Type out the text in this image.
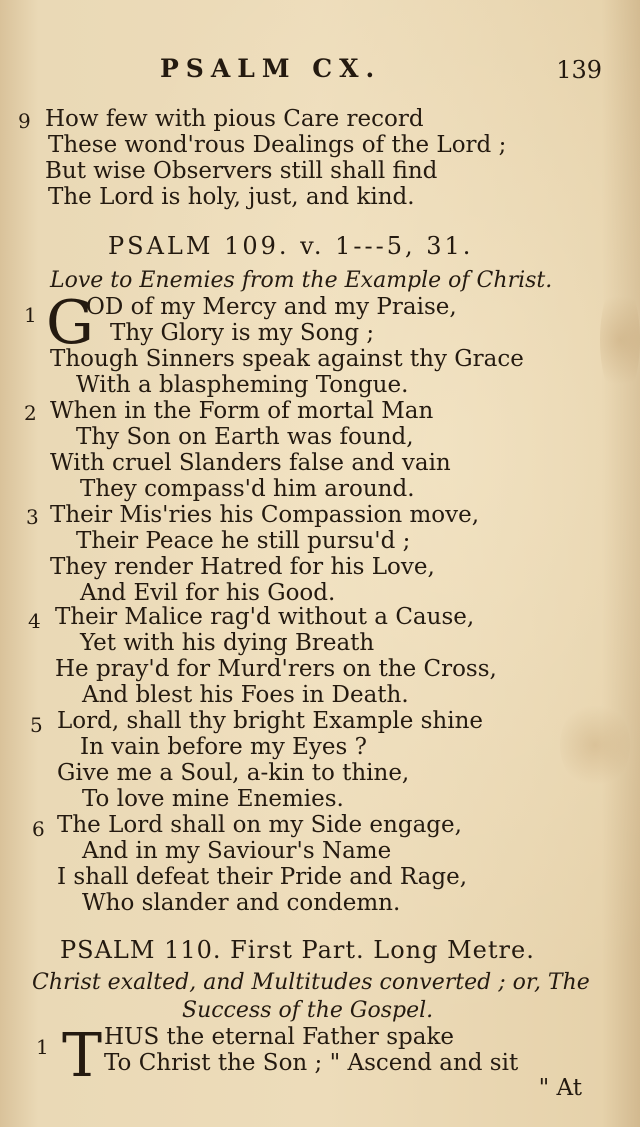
PSALM CX.	139
9 How few with pious Care record
These wond'rous Dealings of the Lord ;
But wise Observers still shall find
The Lord is holy, just, and kind.
PSALM 109. v. 1---5, 31.
Love to Enemies from the Example of Christ.
1 G
OD of my Mercy and my Praise,
Thy Glory is my Song ;
Though Sinners speak against thy Grace
With a blaspheming Tongue.
2 When in the Form of mortal Man
Thy Son on Earth was found,
With cruel Slanders false and vain
They compass'd him around.
3 Their Mis'ries his Compassion move,
Their Peace he still pursu'd ;
They render Hatred for his Love,
And Evil for his Good.
4 Their Malice rag'd without a Cause,
Yet with his dying Breath
He pray'd for Murd'rers on the Cross,
And blest his Foes in Death.
5 Lord, shall thy bright Example shine
In vain before my Eyes ?
Give me a Soul, a-kin to thine,
To love mine Enemies.
6 The Lord shall on my Side engage,
And in my Saviour's Name
I shall defeat their Pride and Rage,
Who slander and condemn.
PSALM 110. First Part. Long Metre.
Christ exalted, and Multitudes converted ; or, The
Success of the Gospel.
1 T HUS the eternal Father spake
To Christ the Son ; " Ascend and sit
" At
